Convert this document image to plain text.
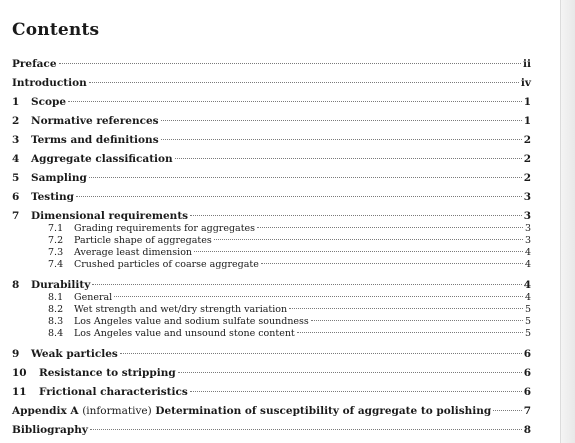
Contents
Preface	ii
Introduction	iv
1	Scope	1
2	Normative references	1
3	Terms and definitions	2
4	Aggregate classification	2
5	Sampling	2
6	Testing	3
7	Dimensional requirements	3
7.1	Grading requirements for aggregates	3
7.2	Particle shape of aggregates	3
7.3	Average least dimension	4
7.4	Crushed particles of coarse aggregate	4
8	Durability	4
8.1	General	4
8.2	Wet strength and wet/dry strength variation	5
8.3	Los Angeles value and sodium sulfate soundness	5
8.4	Los Angeles value and unsound stone content	5
9	Weak particles	6
10	Resistance to stripping	6
11	Frictional characteristics	6
Appendix A (informative) Determination of susceptibility of aggregate to polishing	7
Bibliography	8
